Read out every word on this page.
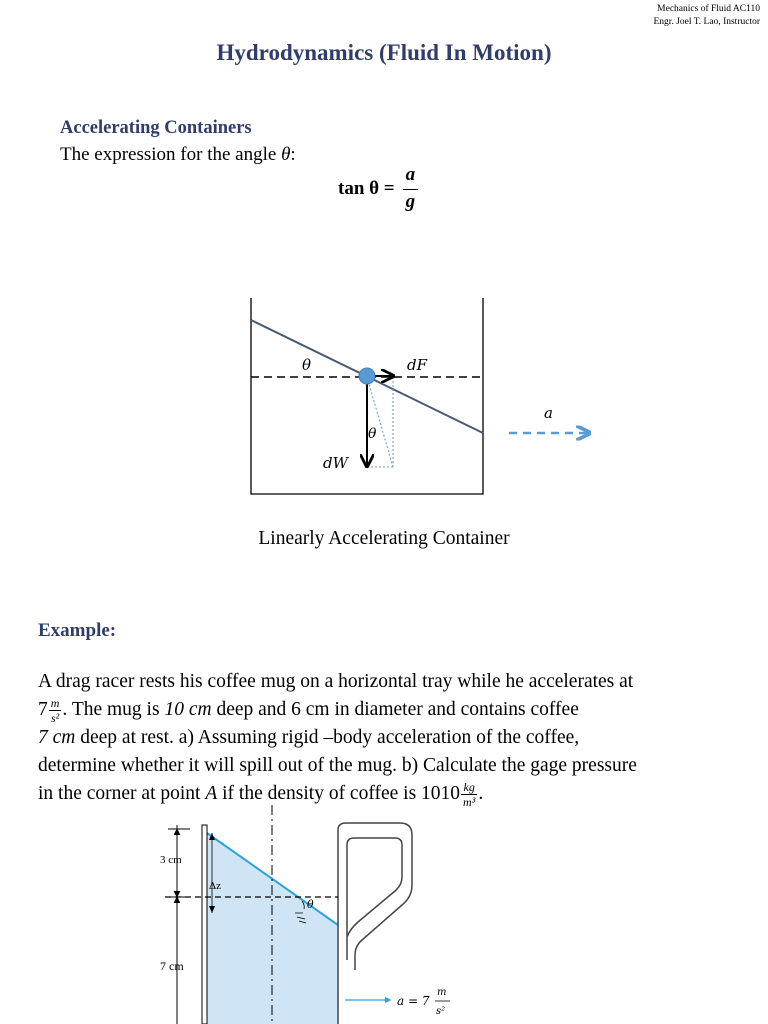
Mechanics of Fluid AC110
Engr. Joel T. Lao, Instructor
Hydrodynamics (Fluid In Motion)
Accelerating Containers
The expression for the angle θ:
$\tan \theta = \frac{a}{g}$
θ	dF
a
θ
dW
Linearly Accelerating Container
Example:
A drag racer rests his coffee mug on a horizontal tray while he accelerates at
$7 \frac{m}{\text{s²}}$ . The mug is 10 cm deep and 6 cm in diameter and contains coffee
7 cm deep at rest. a) Assuming rigid –body acceleration of the coffee,
determine whether it will spill out of the mug. b) Calculate the gage pressure
in the corner at point A if the density of coffee is $1010 \frac{kg}{\text{m³}}$ .
3 cm
Δz
θ
7 cm
a = 7
m
s²
